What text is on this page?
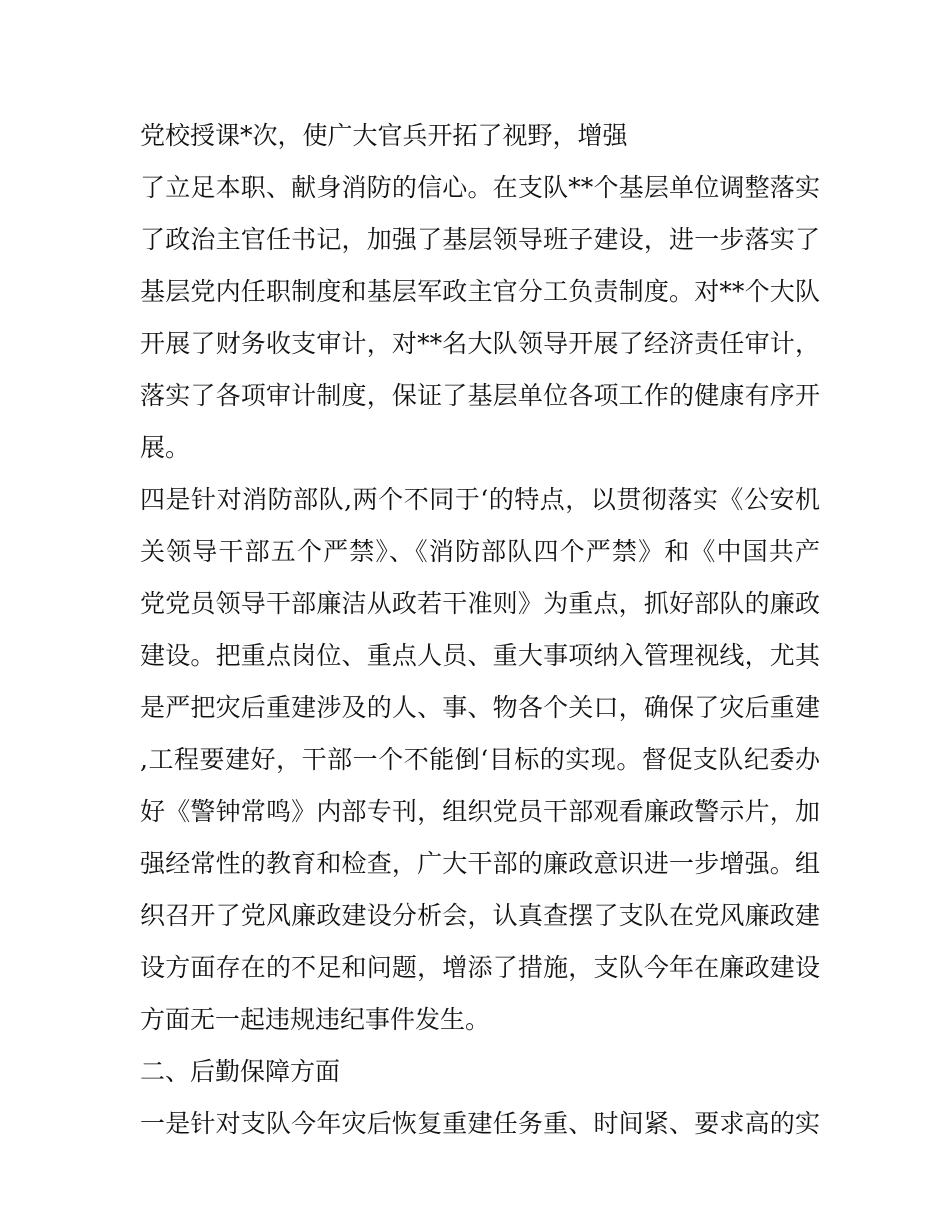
党校授课*次，使广大官兵开拓了视野，增强
了立足本职、献身消防的信心。在支队**个基层单位调整落实
了政治主官任书记，加强了基层领导班子建设，进一步落实了
基层党内任职制度和基层军政主官分工负责制度。对**个大队
开展了财务收支审计，对**名大队领导开展了经济责任审计，
落实了各项审计制度，保证了基层单位各项工作的健康有序开
展。
四是针对消防部队,两个不同于‘的特点，以贯彻落实《公安机
关领导干部五个严禁》、《消防部队四个严禁》和《中国共产
党党员领导干部廉洁从政若干准则》为重点，抓好部队的廉政
建设。把重点岗位、重点人员、重大事项纳入管理视线，尤其
是严把灾后重建涉及的人、事、物各个关口，确保了灾后重建
,工程要建好，干部一个不能倒‘目标的实现。督促支队纪委办
好《警钟常鸣》内部专刊，组织党员干部观看廉政警示片，加
强经常性的教育和检查，广大干部的廉政意识进一步增强。组
织召开了党风廉政建设分析会，认真查摆了支队在党风廉政建
设方面存在的不足和问题，增添了措施，支队今年在廉政建设
方面无一起违规违纪事件发生。
二、后勤保障方面
一是针对支队今年灾后恢复重建任务重、时间紧、要求高的实
